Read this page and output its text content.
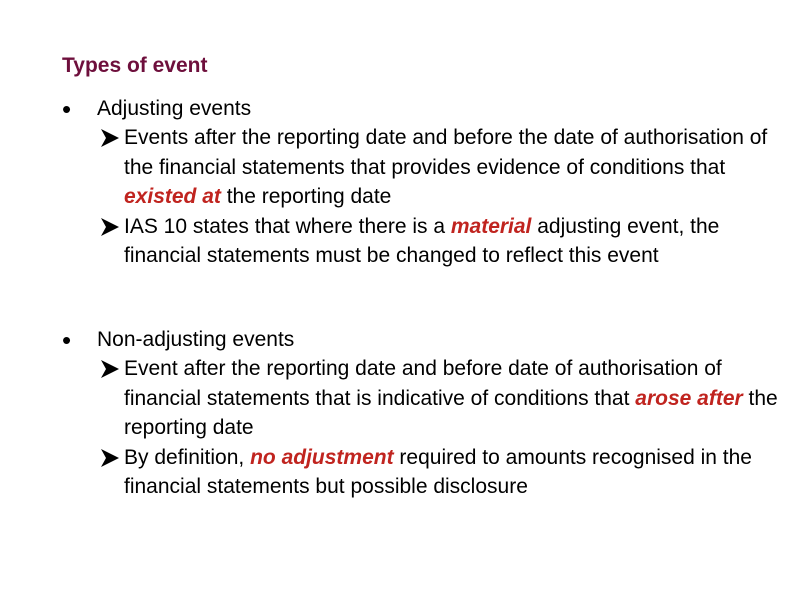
Types of event
• Adjusting events
Events after the reporting date and before the date of authorisation of the financial statements that provides evidence of conditions that existed at the reporting date
IAS 10 states that where there is a material adjusting event, the financial statements must be changed to reflect this event
• Non-adjusting events
Event after the reporting date and before date of authorisation of financial statements that is indicative of conditions that arose after the reporting date
By definition, no adjustment required to amounts recognised in the financial statements but possible disclosure
